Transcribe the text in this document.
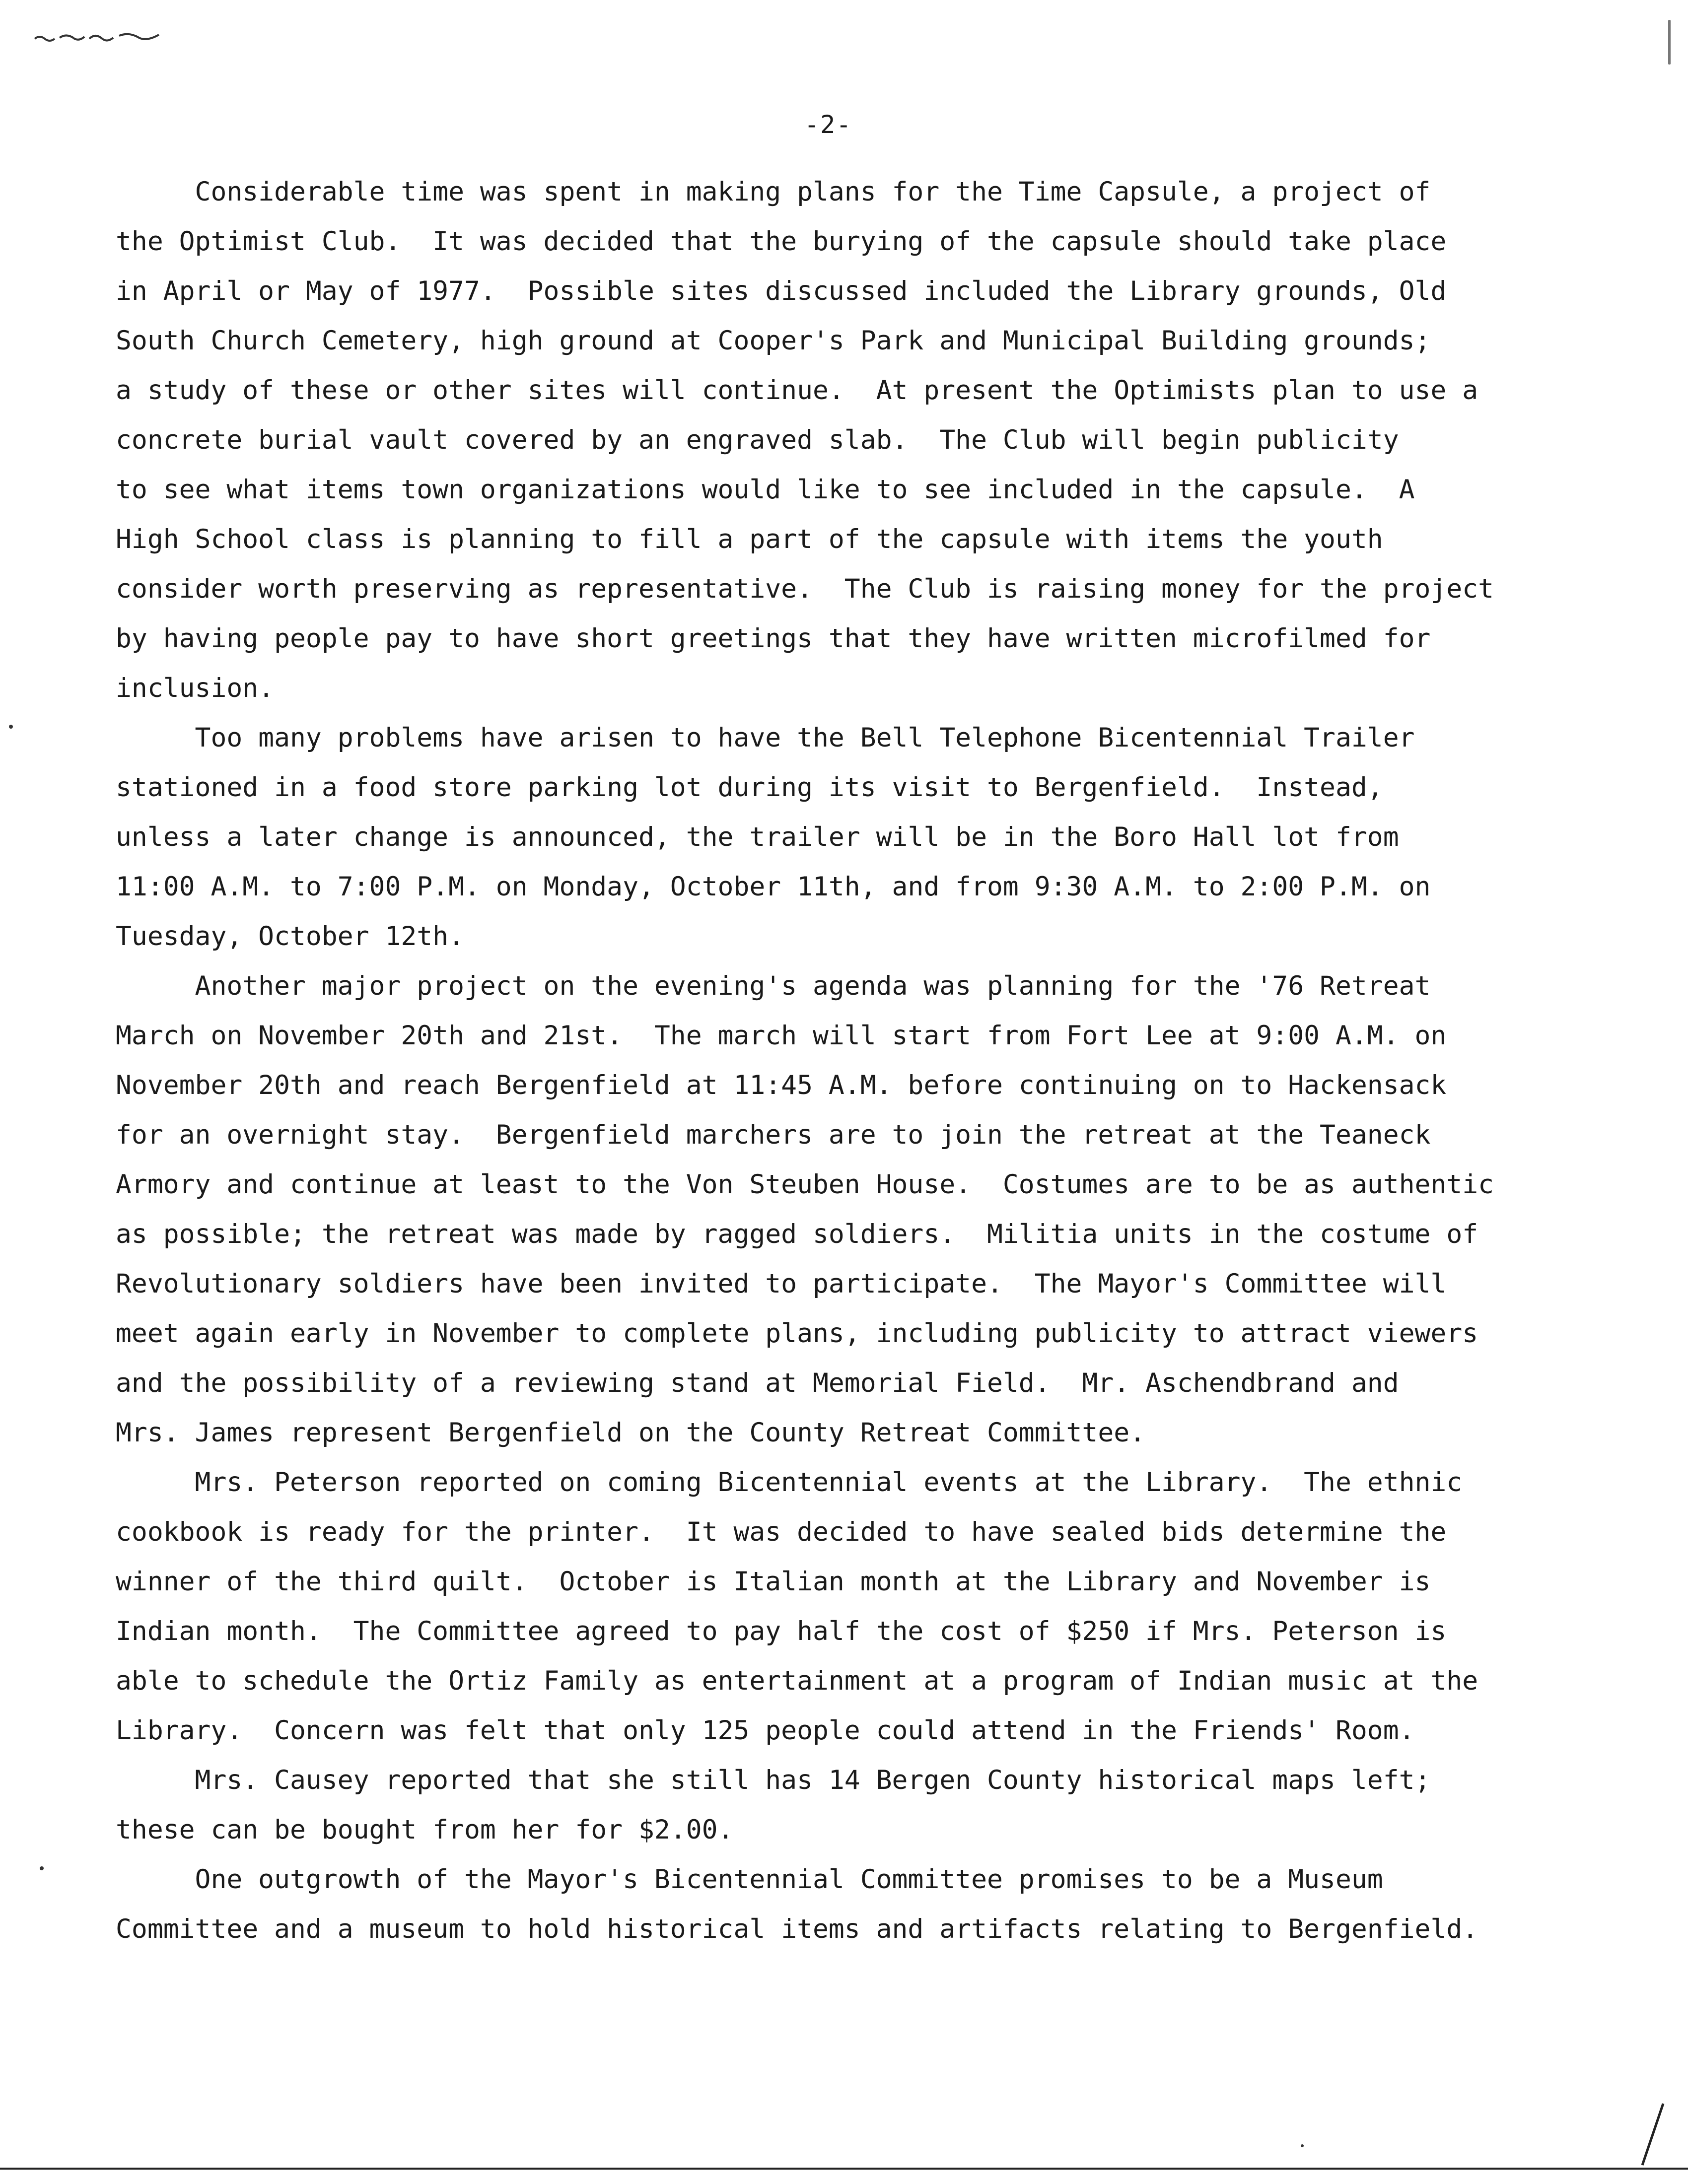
-2-
Considerable time was spent in making plans for the Time Capsule, a project of
the Optimist Club.  It was decided that the burying of the capsule should take place
in April or May of 1977.  Possible sites discussed included the Library grounds, Old
South Church Cemetery, high ground at Cooper's Park and Municipal Building grounds;
a study of these or other sites will continue.  At present the Optimists plan to use a
concrete burial vault covered by an engraved slab.  The Club will begin publicity
to see what items town organizations would like to see included in the capsule.  A
High School class is planning to fill a part of the capsule with items the youth
consider worth preserving as representative.  The Club is raising money for the project
by having people pay to have short greetings that they have written microfilmed for
inclusion.
Too many problems have arisen to have the Bell Telephone Bicentennial Trailer
stationed in a food store parking lot during its visit to Bergenfield.  Instead,
unless a later change is announced, the trailer will be in the Boro Hall lot from
11:00 A.M. to 7:00 P.M. on Monday, October 11th, and from 9:30 A.M. to 2:00 P.M. on
Tuesday, October 12th.
Another major project on the evening's agenda was planning for the '76 Retreat
March on November 20th and 21st.  The march will start from Fort Lee at 9:00 A.M. on
November 20th and reach Bergenfield at 11:45 A.M. before continuing on to Hackensack
for an overnight stay.  Bergenfield marchers are to join the retreat at the Teaneck
Armory and continue at least to the Von Steuben House.  Costumes are to be as authentic
as possible; the retreat was made by ragged soldiers.  Militia units in the costume of
Revolutionary soldiers have been invited to participate.  The Mayor's Committee will
meet again early in November to complete plans, including publicity to attract viewers
and the possibility of a reviewing stand at Memorial Field.  Mr. Aschendbrand and
Mrs. James represent Bergenfield on the County Retreat Committee.
Mrs. Peterson reported on coming Bicentennial events at the Library.  The ethnic
cookbook is ready for the printer.  It was decided to have sealed bids determine the
winner of the third quilt.  October is Italian month at the Library and November is
Indian month.  The Committee agreed to pay half the cost of $250 if Mrs. Peterson is
able to schedule the Ortiz Family as entertainment at a program of Indian music at the
Library.  Concern was felt that only 125 people could attend in the Friends' Room.
Mrs. Causey reported that she still has 14 Bergen County historical maps left;
these can be bought from her for $2.00.
One outgrowth of the Mayor's Bicentennial Committee promises to be a Museum
Committee and a museum to hold historical items and artifacts relating to Bergenfield.
